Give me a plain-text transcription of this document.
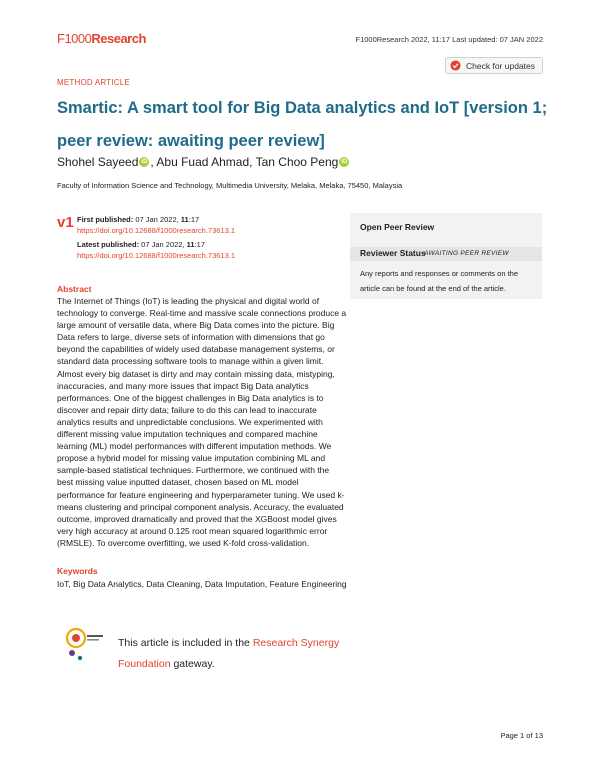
F1000Research	F1000Research 2022, 11:17 Last updated: 07 JAN 2022
METHOD ARTICLE
Check for updates
Smartic: A smart tool for Big Data analytics and IoT [version 1; peer review: awaiting peer review]
Shohel Sayeed iD , Abu Fuad Ahmad, Tan Choo Peng iD
Faculty of Information Science and Technology, Multimedia University, Melaka, Melaka, 75450, Malaysia
v1 First published: 07 Jan 2022, 11:17
https://doi.org/10.12688/f1000research.73613.1
Latest published: 07 Jan 2022, 11:17
https://doi.org/10.12688/f1000research.73613.1
Open Peer Review
Reviewer Status
AWAITING PEER REVIEW
Any reports and responses or comments on the article can be found at the end of the article.
Abstract
The Internet of Things (IoT) is leading the physical and digital world of technology to converge. Real-time and massive scale connections produce a large amount of versatile data, where Big Data comes into the picture. Big Data refers to large, diverse sets of information with dimensions that go beyond the capabilities of widely used database management systems, or standard data processing software tools to manage within a given limit. Almost every big dataset is dirty and may contain missing data, mistyping, inaccuracies, and many more issues that impact Big Data analytics performances. One of the biggest challenges in Big Data analytics is to discover and repair dirty data; failure to do this can lead to inaccurate analytics results and unpredictable conclusions. We experimented with different missing value imputation techniques and compared machine learning (ML) model performances with different imputation methods. We propose a hybrid model for missing value imputation combining ML and sample-based statistical techniques. Furthermore, we continued with the best missing value inputted dataset, chosen based on ML model performance for feature engineering and hyperparameter tuning. We used k-means clustering and principal component analysis. Accuracy, the evaluated outcome, improved dramatically and proved that the XGBoost model gives very high accuracy at around 0.125 root mean squared logarithmic error (RMSLE). To overcome overfitting, we used K-fold cross-validation.
Keywords
IoT, Big Data Analytics, Data Cleaning, Data Imputation, Feature Engineering
This article is included in the Research Synergy Foundation gateway.
Page 1 of 13
